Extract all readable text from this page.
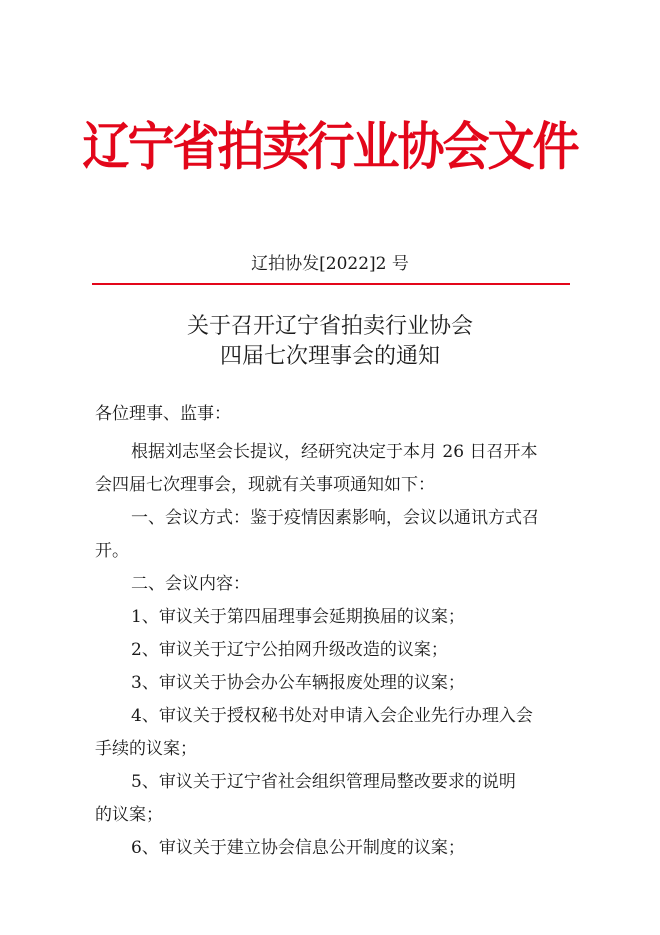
辽宁省拍卖行业协会文件
辽拍协发[2022]2 号
关于召开辽宁省拍卖行业协会
四届七次理事会的通知
各位理事、监事：
根据刘志坚会长提议，经研究决定于本月 26 日召开本
会四届七次理事会，现就有关事项通知如下：
一、会议方式：鉴于疫情因素影响，会议以通讯方式召
开。
二、会议内容：
1、审议关于第四届理事会延期换届的议案；
2、审议关于辽宁公拍网升级改造的议案；
3、审议关于协会办公车辆报废处理的议案；
4、审议关于授权秘书处对申请入会企业先行办理入会
手续的议案；
5、审议关于辽宁省社会组织管理局整改要求的说明
的议案；
6、审议关于建立协会信息公开制度的议案；
